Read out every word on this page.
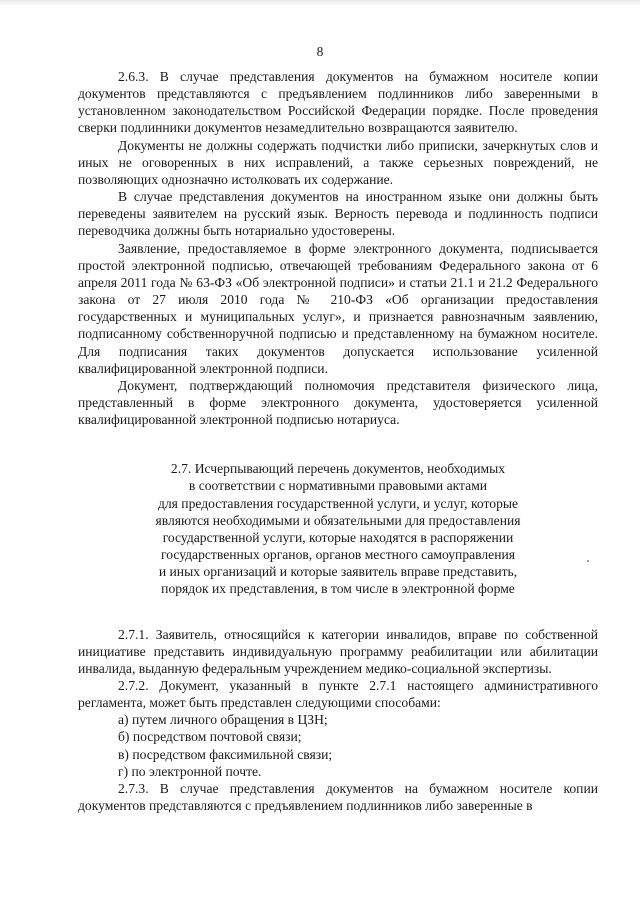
8

2.6.3. В случае представления документов на бумажном носителе копии документов представляются с предъявлением подлинников либо заверенными в установленном законодательством Российской Федерации порядке. После проведения сверки подлинники документов незамедлительно возвращаются заявителю.

Документы не должны содержать подчистки либо приписки, зачеркнутых слов и иных не оговоренных в них исправлений, а также серьезных повреждений, не позволяющих однозначно истолковать их содержание.

В случае представления документов на иностранном языке они должны быть переведены заявителем на русский язык. Верность перевода и подлинность подписи переводчика должны быть нотариально удостоверены.

Заявление, предоставляемое в форме электронного документа, подписывается простой электронной подписью, отвечающей требованиям Федерального закона от 6 апреля 2011 года № 63-ФЗ «Об электронной подписи» и статьи 21.1 и 21.2 Федерального закона от 27 июля 2010 года № 210-ФЗ «Об организации предоставления государственных и муниципальных услуг», и признается равнозначным заявлению, подписанному собственноручной подписью и представленному на бумажном носителе. Для подписания таких документов допускается использование усиленной квалифицированной электронной подписи.

Документ, подтверждающий полномочия представителя физического лица, представленный в форме электронного документа, удостоверяется усиленной квалифицированной электронной подписью нотариуса.

2.7. Исчерпывающий перечень документов, необходимых
в соответствии с нормативными правовыми актами
для предоставления государственной услуги, и услуг, которые
являются необходимыми и обязательными для предоставления
государственной услуги, которые находятся в распоряжении
государственных органов, органов местного самоуправления
и иных организаций и которые заявитель вправе представить,
порядок их представления, в том числе в электронной форме

2.7.1. Заявитель, относящийся к категории инвалидов, вправе по собственной инициативе представить индивидуальную программу реабилитации или абилитации инвалида, выданную федеральным учреждением медико-социальной экспертизы.

2.7.2. Документ, указанный в пункте 2.7.1 настоящего административного регламента, может быть представлен следующими способами:

а) путем личного обращения в ЦЗН;

б) посредством почтовой связи;

в) посредством факсимильной связи;

г) по электронной почте.

2.7.3. В случае представления документов на бумажном носителе копии документов представляются с предъявлением подлинников либо заверенные в
